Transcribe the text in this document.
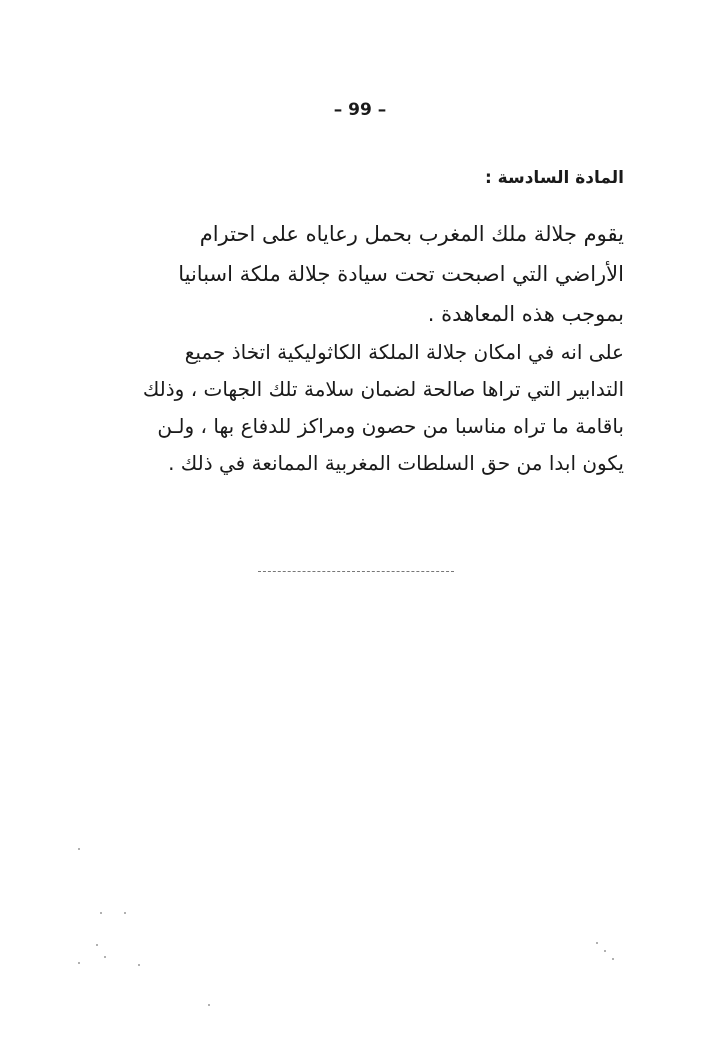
– 99 –
المادة السادسة :
يقوم جلالة ملك المغرب بحمل رعاياه على احترام
الأراضي التي اصبحت تحت سيادة جلالة ملكة اسبانيا
بموجب هذه المعاهدة .
على انه في امكان جلالة الملكة الكاثوليكية اتخاذ جميع
التدابير التي تراها صالحة لضمان سلامة تلك الجهات ، وذلك
باقامة ما تراه مناسبا من حصون ومراكز للدفاع بها ، ولـن
يكون ابدا من حق السلطات المغربية الممانعة في ذلك .
